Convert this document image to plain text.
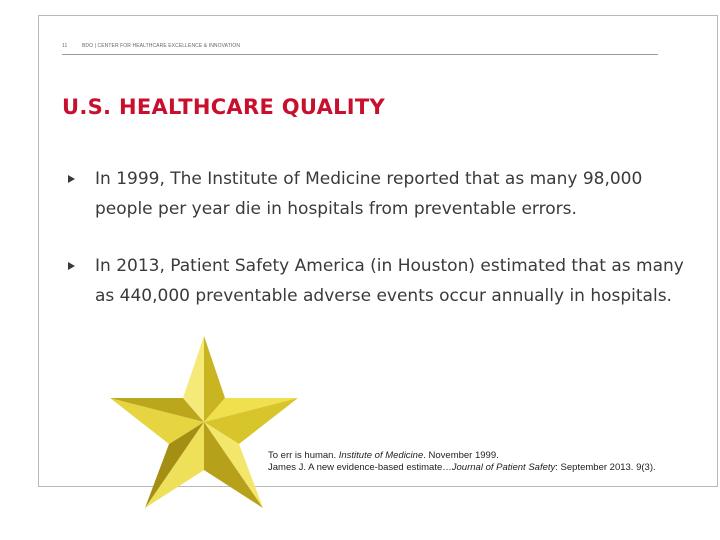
11	BDO | CENTER FOR HEALTHCARE EXCELLENCE & INNOVATION
U.S. HEALTHCARE QUALITY
In 1999, The Institute of Medicine reported that as many 98,000 people per year die in hospitals from preventable errors.
In 2013, Patient Safety America (in Houston) estimated that as many as 440,000 preventable adverse events occur annually in hospitals.
To err is human. Institute of Medicine. November 1999.
James J. A new evidence-based estimate…Journal of Patient Safety: September 2013. 9(3).
